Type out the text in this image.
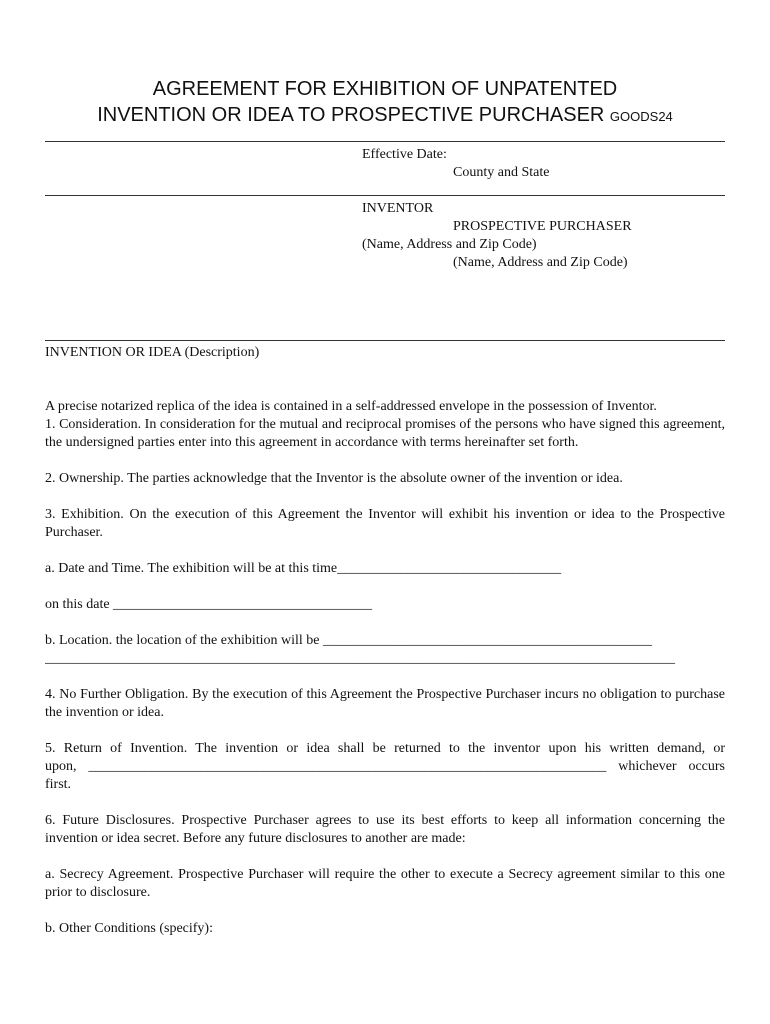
AGREEMENT FOR EXHIBITION OF UNPATENTED
INVENTION OR IDEA TO PROSPECTIVE PURCHASER GOODS24
Effective Date:
County and State
INVENTOR
PROSPECTIVE PURCHASER
(Name, Address and Zip Code)
(Name, Address and Zip Code)
INVENTION OR IDEA (Description)
A precise notarized replica of the idea is contained in a self-addressed envelope in the possession of Inventor.
1. Consideration. In consideration for the mutual and reciprocal promises of the persons who have signed this agreement, the undersigned parties enter into this agreement in accordance with terms hereinafter set forth.
2. Ownership. The parties acknowledge that the Inventor is the absolute owner of the invention or idea.
3. Exhibition. On the execution of this Agreement the Inventor will exhibit his invention or idea to the Prospective Purchaser.
a. Date and Time. The exhibition will be at this time________________________________
on this date _____________________________________
b. Location. the location of the exhibition will be _______________________________________________
__________________________________________________________________________________________
4. No Further Obligation. By the execution of this Agreement the Prospective Purchaser incurs no obligation to purchase the invention or idea.
5. Return of Invention. The invention or idea shall be returned to the inventor upon his written demand, or
upon, __________________________________________________________________________ whichever occurs
first.
6. Future Disclosures. Prospective Purchaser agrees to use its best efforts to keep all information concerning the invention or idea secret. Before any future disclosures to another are made:
a. Secrecy Agreement. Prospective Purchaser will require the other to execute a Secrecy agreement similar to this one prior to disclosure.
b. Other Conditions (specify):
